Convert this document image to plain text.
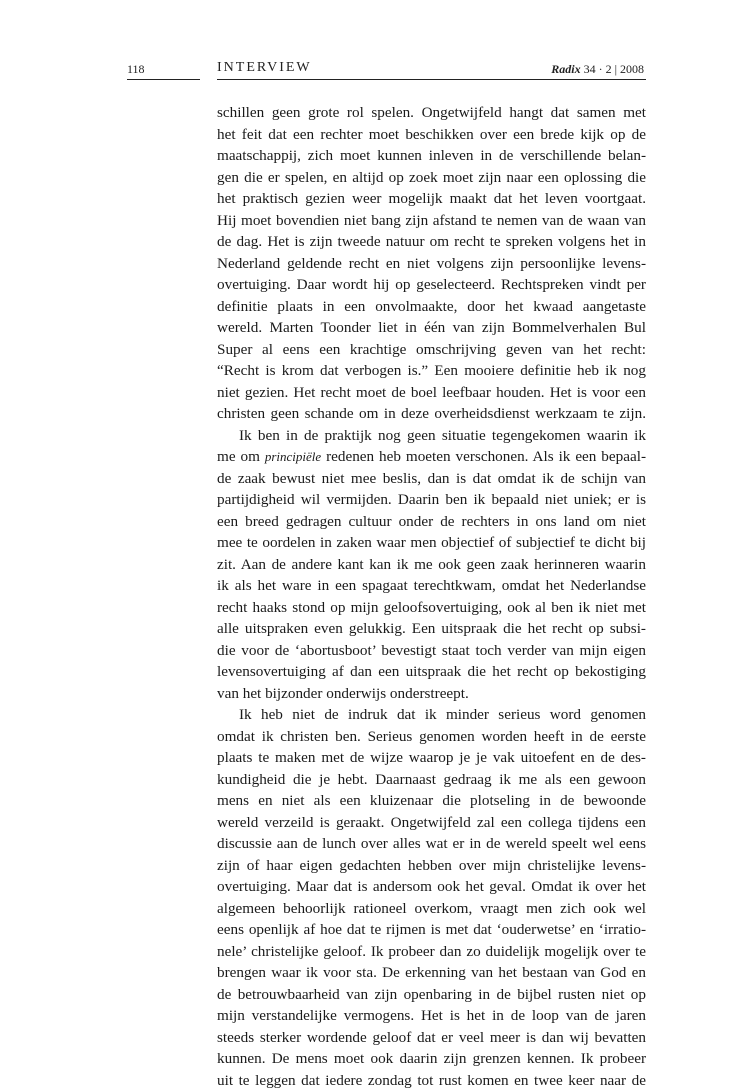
118	INTERVIEW	Radix 34 · 2 | 2008
schillen geen grote rol spelen. Ongetwijfeld hangt dat samen met
het feit dat een rechter moet beschikken over een brede kijk op de
maatschappij, zich moet kunnen inleven in de verschillende belan-
gen die er spelen, en altijd op zoek moet zijn naar een oplossing die
het praktisch gezien weer mogelijk maakt dat het leven voortgaat.
Hij moet bovendien niet bang zijn afstand te nemen van de waan van
de dag. Het is zijn tweede natuur om recht te spreken volgens het in
Nederland geldende recht en niet volgens zijn persoonlijke levens-
overtuiging. Daar wordt hij op geselecteerd. Rechtspreken vindt per
definitie plaats in een onvolmaakte, door het kwaad aangetaste
wereld. Marten Toonder liet in één van zijn Bommelverhalen Bul
Super al eens een krachtige omschrijving geven van het recht:
“Recht is krom dat verbogen is.” Een mooiere definitie heb ik nog
niet gezien. Het recht moet de boel leefbaar houden. Het is voor een
christen geen schande om in deze overheidsdienst werkzaam te zijn.
Ik ben in de praktijk nog geen situatie tegengekomen waarin ik
me om principiële redenen heb moeten verschonen. Als ik een bepaal-
de zaak bewust niet mee beslis, dan is dat omdat ik de schijn van
partijdigheid wil vermijden. Daarin ben ik bepaald niet uniek; er is
een breed gedragen cultuur onder de rechters in ons land om niet
mee te oordelen in zaken waar men objectief of subjectief te dicht bij
zit. Aan de andere kant kan ik me ook geen zaak herinneren waarin
ik als het ware in een spagaat terechtkwam, omdat het Nederlandse
recht haaks stond op mijn geloofsovertuiging, ook al ben ik niet met
alle uitspraken even gelukkig. Een uitspraak die het recht op subsi-
die voor de ‘abortusboot’ bevestigt staat toch verder van mijn eigen
levensovertuiging af dan een uitspraak die het recht op bekostiging
van het bijzonder onderwijs onderstreept.
Ik heb niet de indruk dat ik minder serieus word genomen
omdat ik christen ben. Serieus genomen worden heeft in de eerste
plaats te maken met de wijze waarop je je vak uitoefent en de des-
kundigheid die je hebt. Daarnaast gedraag ik me als een gewoon
mens en niet als een kluizenaar die plotseling in de bewoonde
wereld verzeild is geraakt. Ongetwijfeld zal een collega tijdens een
discussie aan de lunch over alles wat er in de wereld speelt wel eens
zijn of haar eigen gedachten hebben over mijn christelijke levens-
overtuiging. Maar dat is andersom ook het geval. Omdat ik over het
algemeen behoorlijk rationeel overkom, vraagt men zich ook wel
eens openlijk af hoe dat te rijmen is met dat ‘ouderwetse’ en ‘irratio-
nele’ christelijke geloof. Ik probeer dan zo duidelijk mogelijk over te
brengen waar ik voor sta. De erkenning van het bestaan van God en
de betrouwbaarheid van zijn openbaring in de bijbel rusten niet op
mijn verstandelijke vermogens. Het is het in de loop van de jaren
steeds sterker wordende geloof dat er veel meer is dan wij bevatten
kunnen. De mens moet ook daarin zijn grenzen kennen. Ik probeer
uit te leggen dat iedere zondag tot rust komen en twee keer naar de
